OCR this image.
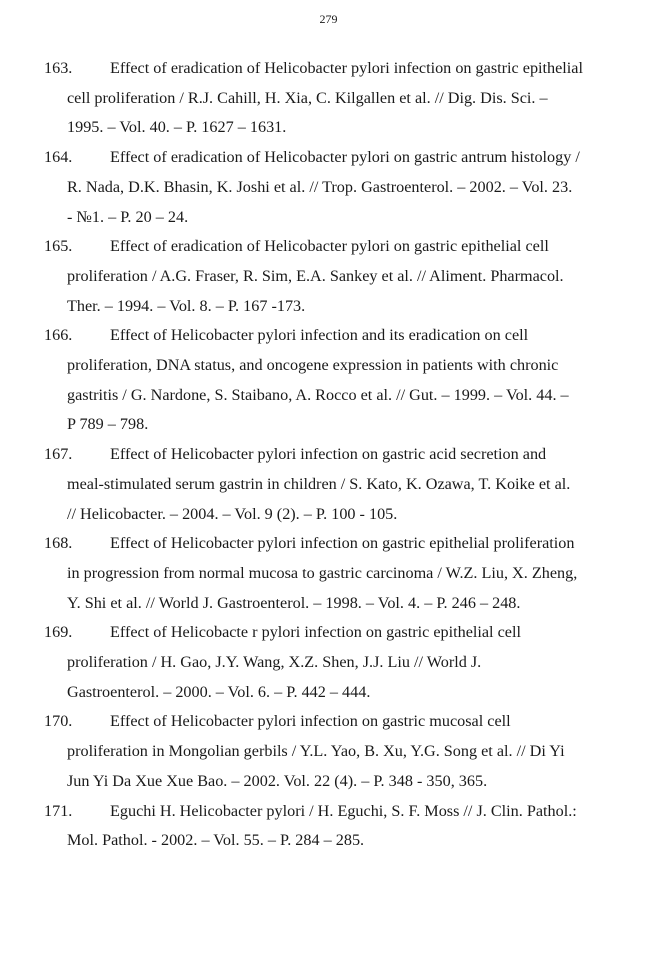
279
163. Effect of eradication of Helicobacter pylori infection on gastric epithelial
cell proliferation / R.J. Cahill, H. Xia, C. Kilgallen et al. // Dig. Dis. Sci. –
1995. – Vol. 40. – P. 1627 – 1631.
164. Effect of eradication of Helicobacter pylori on gastric antrum histology /
R. Nada, D.K. Bhasin, K. Joshi et al. // Trop. Gastroenterol. – 2002. – Vol. 23.
- №1. – P. 20 – 24.
165. Effect of eradication of Helicobacter pylori on gastric epithelial cell
proliferation / A.G. Fraser, R. Sim, E.A. Sankey et al. // Aliment. Pharmacol.
Ther. – 1994. – Vol. 8. – P. 167 -173.
166. Effect of Helicobacter pylori infection and its eradication on cell
proliferation, DNA status, and oncogene expression in patients with chronic
gastritis / G. Nardone, S. Staibano, A. Rocco et al. // Gut. – 1999. – Vol. 44. –
P 789 – 798.
167. Effect of Helicobacter pylori infection on gastric acid secretion and
meal-stimulated serum gastrin in children / S. Kato, K. Ozawa, T. Koike et al.
// Helicobacter. – 2004. – Vol. 9 (2). – P. 100 - 105.
168. Effect of Helicobacter pylori infection on gastric epithelial proliferation
in progression from normal mucosa to gastric carcinoma / W.Z. Liu, X. Zheng,
Y. Shi et al. // World J. Gastroenterol. – 1998. – Vol. 4. – P. 246 – 248.
169. Effect of Helicobacte r pylori infection on gastric epithelial cell
proliferation / H. Gao, J.Y. Wang, X.Z. Shen, J.J. Liu // World J.
Gastroenterol. – 2000. – Vol. 6. – P. 442 – 444.
170. Effect of Helicobacter pylori infection on gastric mucosal cell
proliferation in Mongolian gerbils / Y.L. Yao, B. Xu, Y.G. Song et al. // Di Yi
Jun Yi Da Xue Xue Bao. – 2002. Vol. 22 (4). – P. 348 - 350, 365.
171. Eguchi H. Helicobacter pylori / H. Eguchi, S. F. Moss // J. Clin. Pathol.:
Mol. Pathol. - 2002. – Vol. 55. – P. 284 – 285.
